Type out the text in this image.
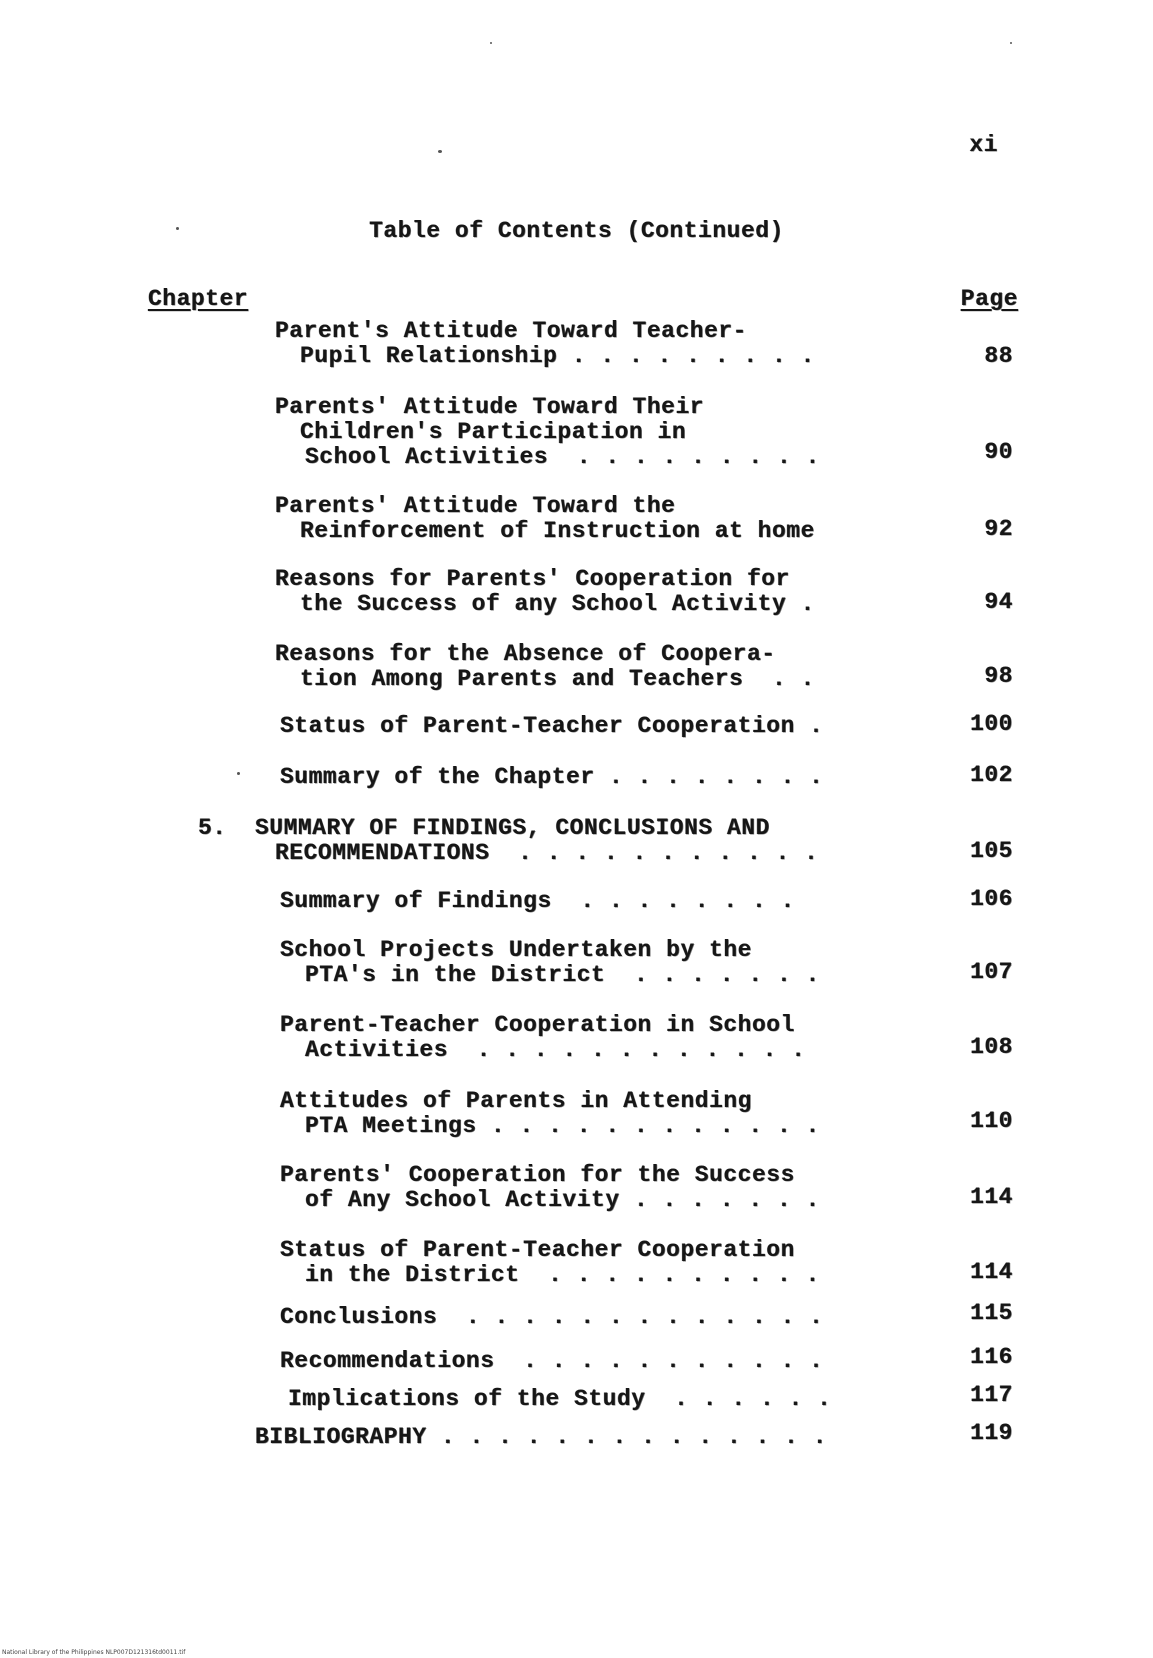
xi
Table of Contents (Continued)
Chapter	Page
Parent's Attitude Toward Teacher-
Pupil Relationship . . . . . . . . .	88
Parents' Attitude Toward Their
Children's Participation in
School Activities  . . . . . . . . .	90
Parents' Attitude Toward the
Reinforcement of Instruction at home	92
Reasons for Parents' Cooperation for
the Success of any School Activity .	94
Reasons for the Absence of Coopera-
tion Among Parents and Teachers  . .	98
Status of Parent-Teacher Cooperation .	100
Summary of the Chapter . . . . . . . .	102
5. SUMMARY OF FINDINGS, CONCLUSIONS AND
RECOMMENDATIONS  . . . . . . . . . . .	105
Summary of Findings  . . . . . . . .	106
School Projects Undertaken by the
PTA's in the District  . . . . . . .	107
Parent-Teacher Cooperation in School
Activities  . . . . . . . . . . . .	108
Attitudes of Parents in Attending
PTA Meetings . . . . . . . . . . . .	110
Parents' Cooperation for the Success
of Any School Activity . . . . . . .	114
Status of Parent-Teacher Cooperation
in the District  . . . . . . . . . .	114
Conclusions  . . . . . . . . . . . . .	115
Recommendations  . . . . . . . . . . .	116
Implications of the Study  . . . . . .	117
BIBLIOGRAPHY . . . . . . . . . . . . . .	119
National Library of the Philippines NLP007D121316td0011.tif
